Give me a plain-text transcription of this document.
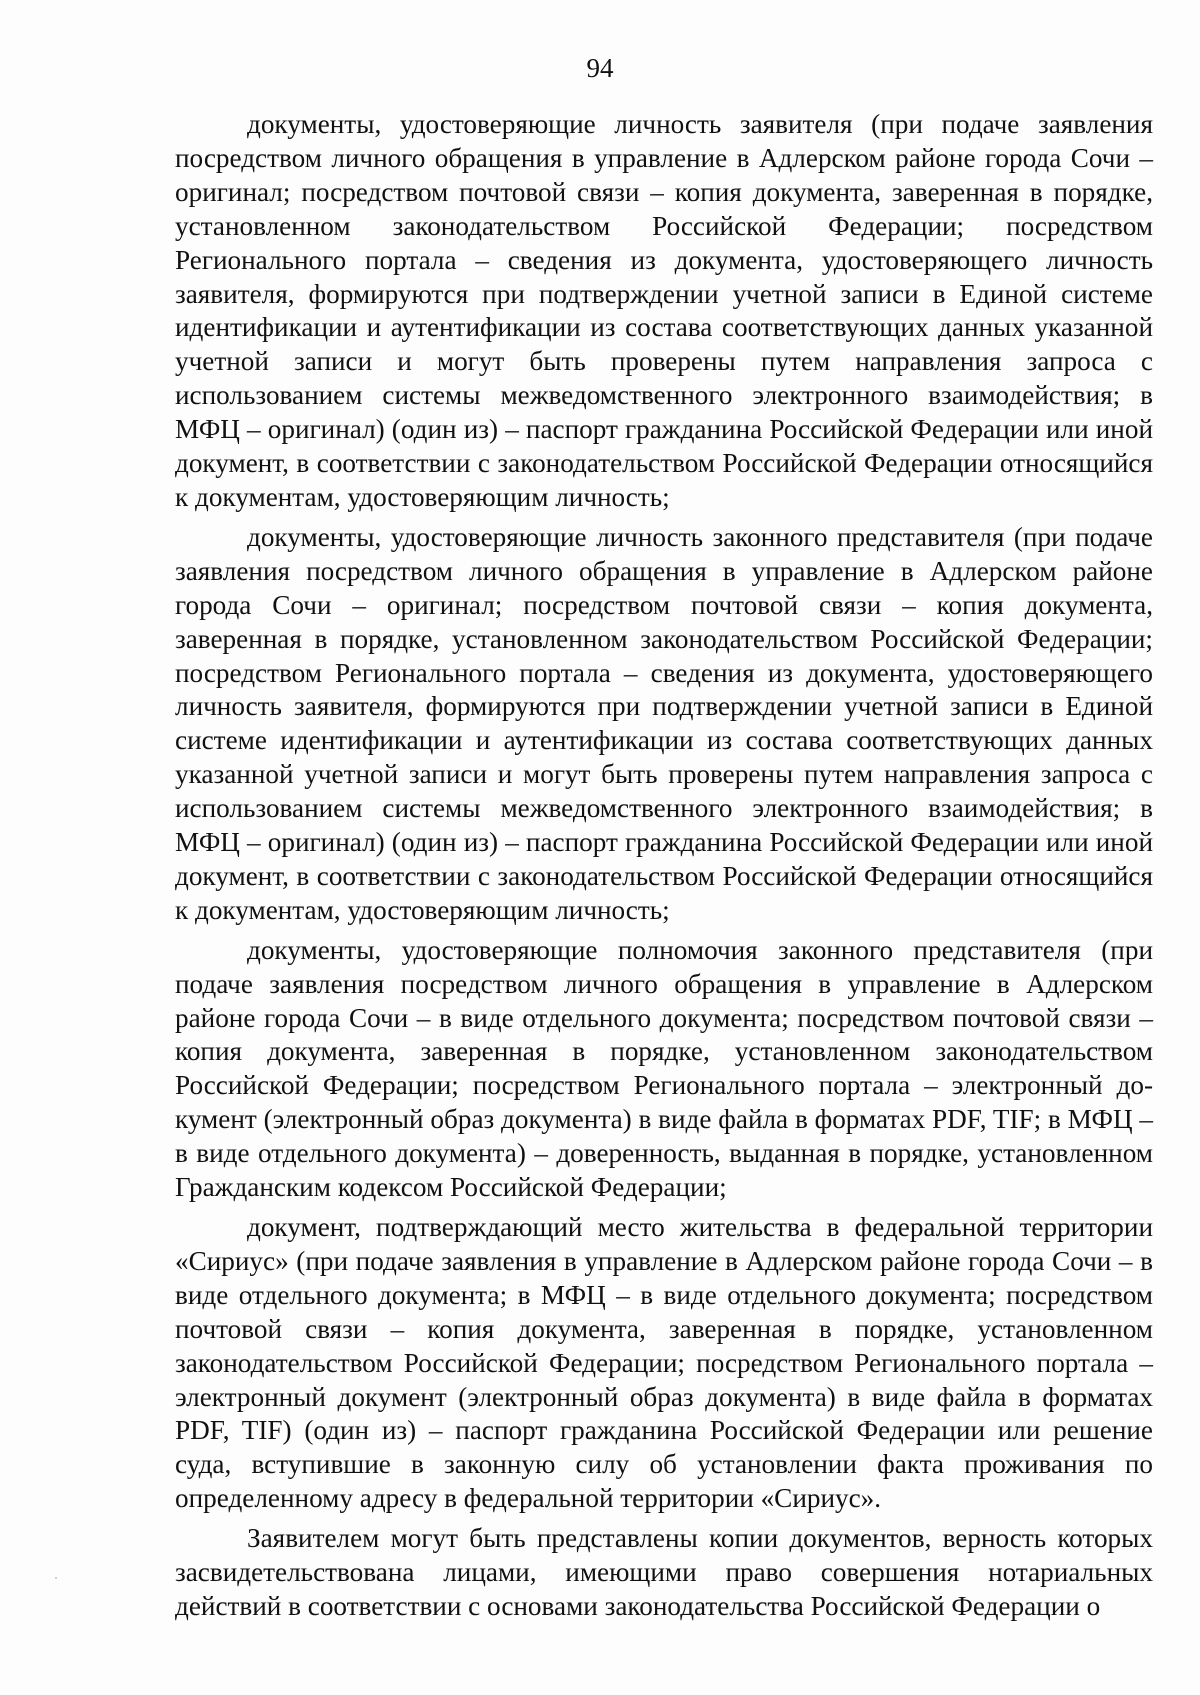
94

документы, удостоверяющие личность заявителя (при подаче заявления посредством личного обращения в управление в Адлерском районе города Сочи – оригинал; посредством почтовой связи – копия документа, заверенная в порядке, установленном законодательством Российской Федерации; посредством Регионального портала – сведения из документа, удостоверяющего личность заявителя, формируются при подтверждении учетной записи в Единой системе идентификации и аутентификации из состава соответствующих данных указанной учетной записи и могут быть проверены путем направления запроса с использованием системы межведомственного электронного взаимодействия; в МФЦ – оригинал) (один из) – паспорт гражданина Российской Федерации или иной документ, в соответствии с законодательством Российской Федерации относящийся к документам, удостоверяющим личность;

документы, удостоверяющие личность законного представителя (при подаче заявления посредством личного обращения в управление в Адлерском районе города Сочи – оригинал; посредством почтовой связи – копия документа, заверенная в порядке, установленном законодательством Российской Федерации; посредством Регионального портала – сведения из документа, удостоверяющего личность заявителя, формируются при подтверждении учетной записи в Единой системе идентификации и аутентификации из состава соответствующих данных указанной учетной записи и могут быть проверены путем направления запроса с использованием системы межведомственного электронного взаимодействия; в МФЦ – оригинал) (один из) – паспорт гражданина Российской Федерации или иной документ, в соответствии с законодательством Российской Федерации относящийся к документам, удостоверяющим личность;

документы, удостоверяющие полномочия законного представителя (при подаче заявления посредством личного обращения в управление в Адлерском районе города Сочи – в виде отдельного документа; посредством почтовой связи – копия документа, заверенная в порядке, установленном законодательством Российской Федерации; посредством Регионального портала – электронный документ (электронный образ документа) в виде файла в форматах PDF, TIF; в МФЦ – в виде отдельного документа) – доверенность, выданная в порядке, установленном Гражданским кодексом Российской Федерации;

документ, подтверждающий место жительства в федеральной территории «Сириус» (при подаче заявления в управление в Адлерском районе города Сочи – в виде отдельного документа; в МФЦ – в виде отдельного документа; посредством почтовой связи – копия документа, заверенная в порядке, установленном законодательством Российской Федерации; посредством Регионального портала – электронный документ (электронный образ документа) в виде файла в форматах PDF, TIF) (один из) – паспорт гражданина Российской Федерации или решение суда, вступившие в законную силу об установлении факта проживания по определенному адресу в федеральной территории «Сириус».

Заявителем могут быть представлены копии документов, верность которых засвидетельствована лицами, имеющими право совершения нотариальных действий в соответствии с основами законодательства Российской Федерации о
